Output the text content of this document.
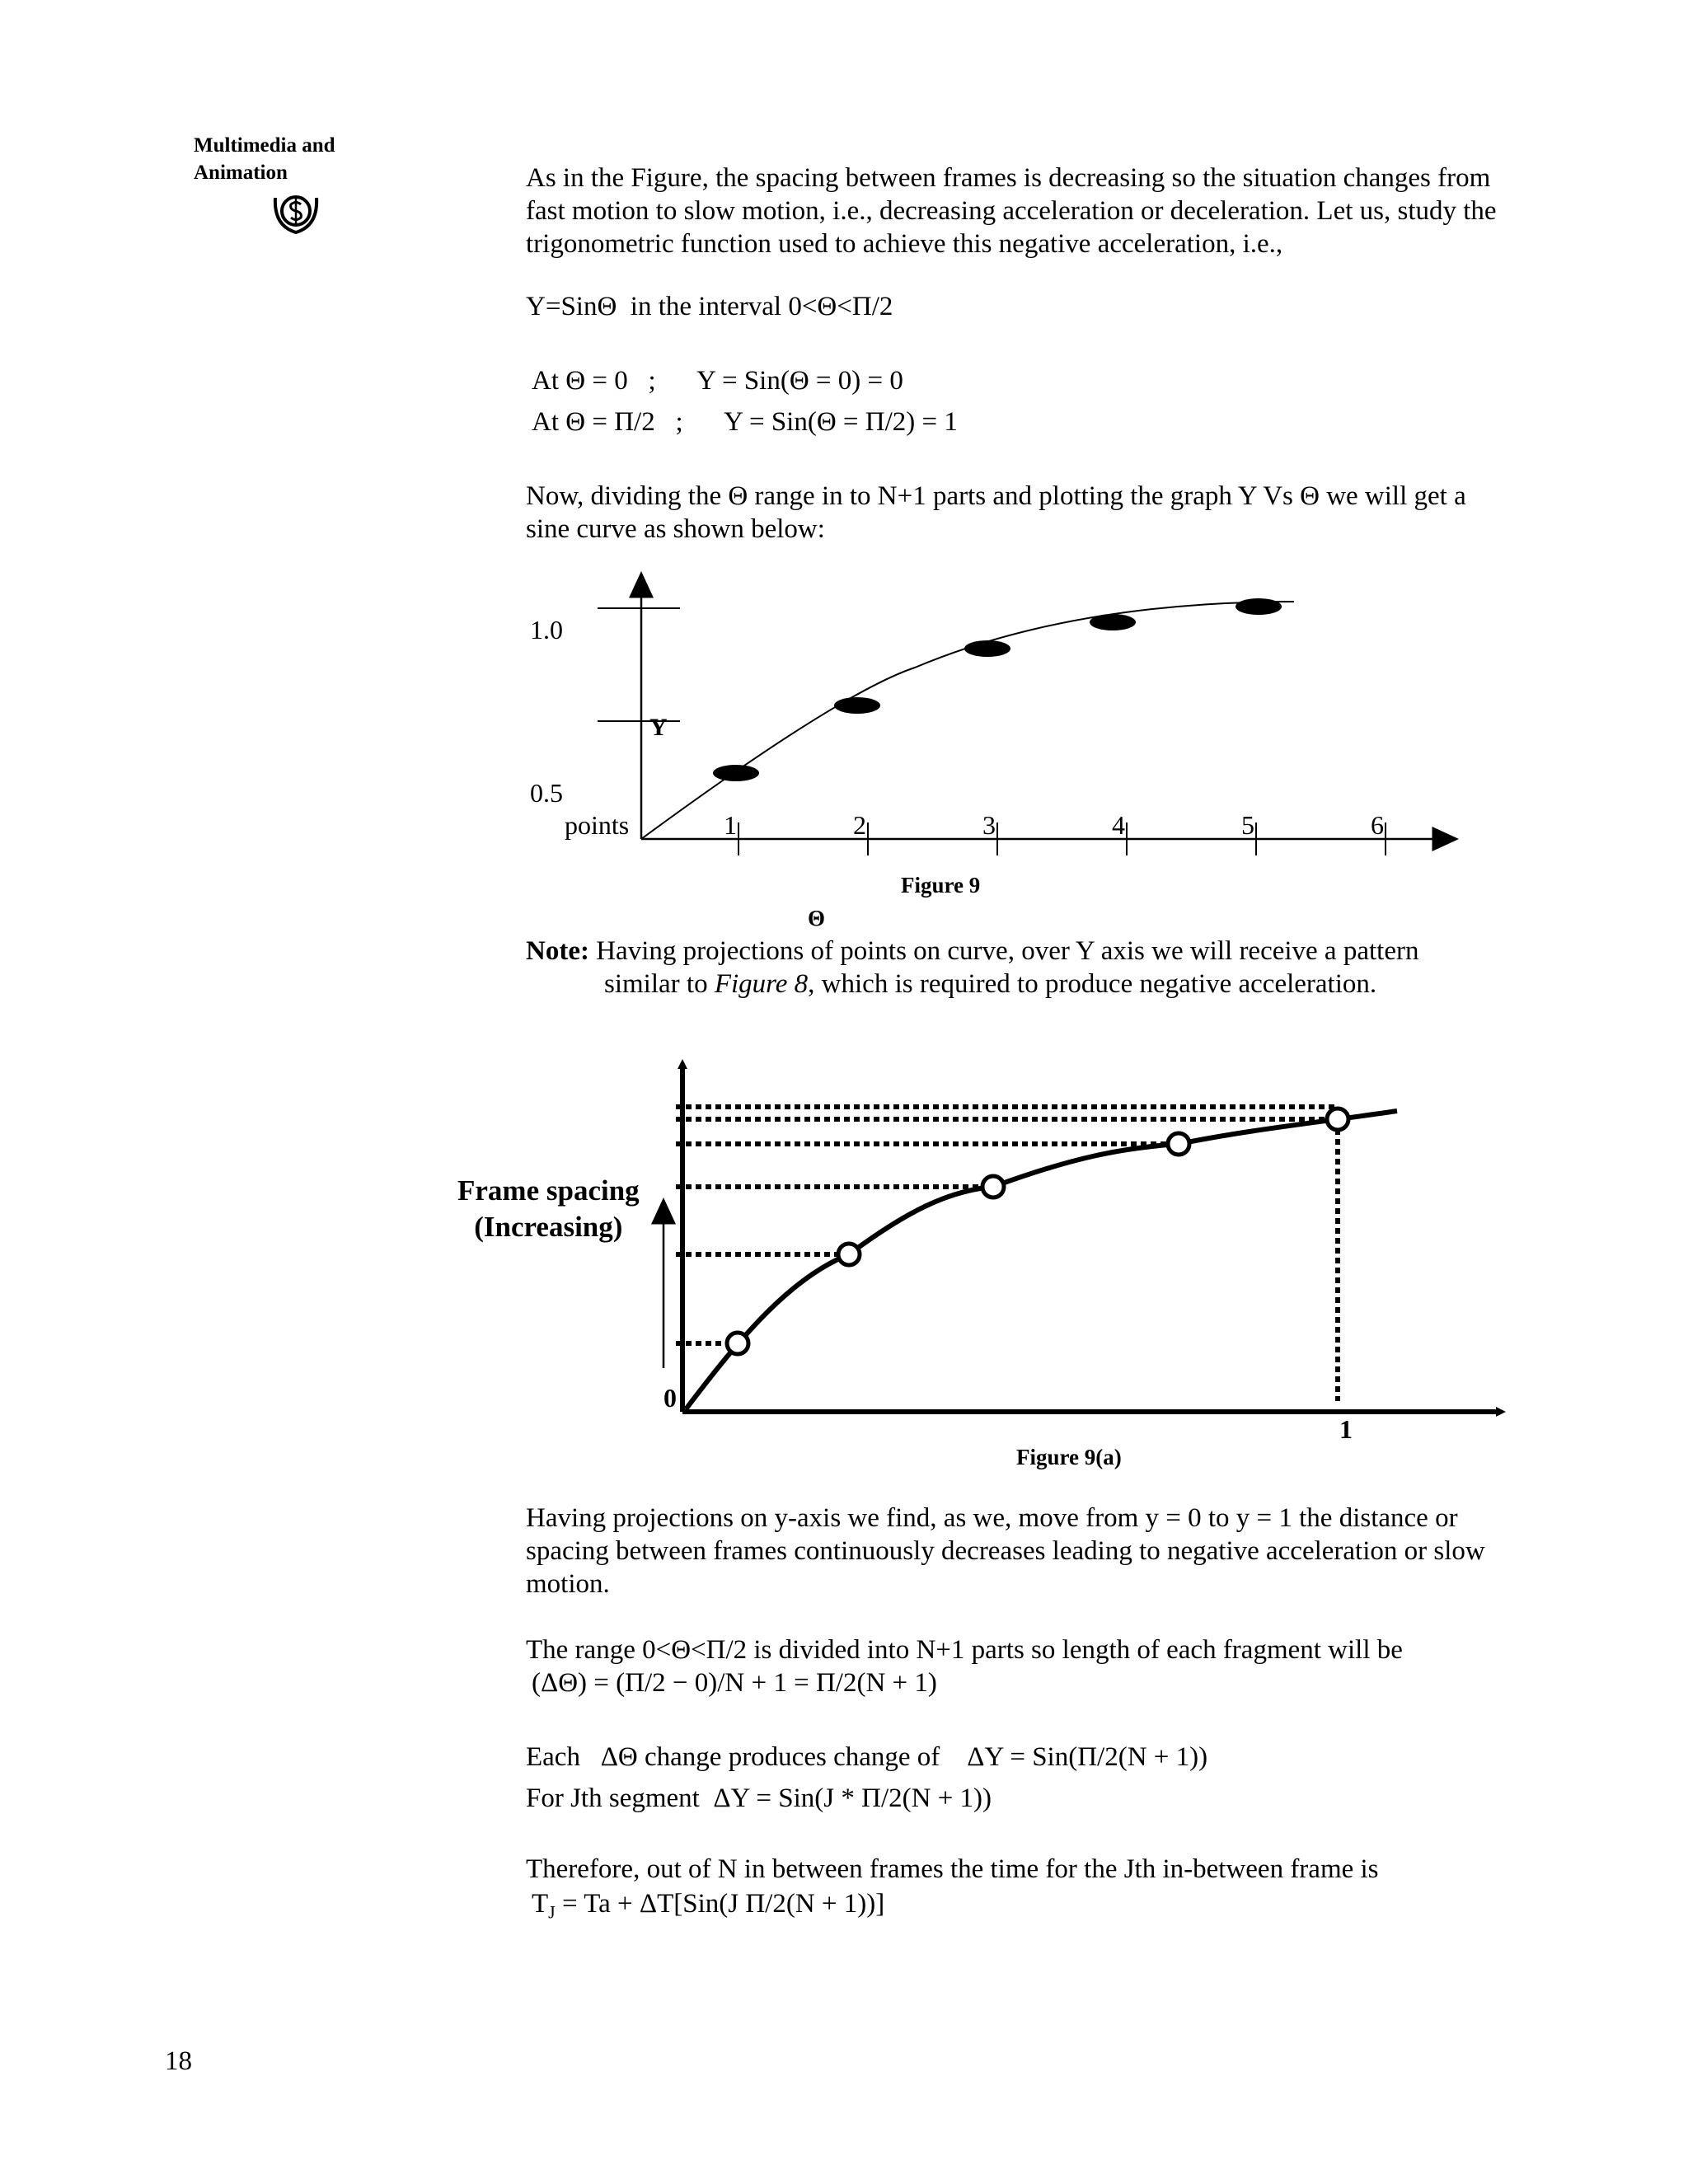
Multimedia and
Animation	As in the Figure, the spacing between frames is decreasing so the situation changes from fast motion to slow motion, i.e., decreasing acceleration or deceleration. Let us, study the trigonometric function used to achieve this negative acceleration, i.e.,
Y=SinΘ  in the interval 0<Θ<Π/2
At Θ = 0   ;      Y = Sin(Θ = 0) = 0
At Θ = Π/2   ;      Y = Sin(Θ = Π/2) = 1
Now, dividing the Θ range in to N+1 parts and plotting the graph Y Vs Θ we will get a sine curve as shown below:
1	2	3	4	5	6
1.0
0.5
Y
points
Figure 9
Θ
0
1
Figure 9(a)
Frame spacing
(Increasing)
Note: Having projections of points on curve, over Y axis we will receive a pattern
similar to Figure 8, which is required to produce negative acceleration.
Having projections on y-axis we find, as we, move from y = 0 to y = 1 the distance or spacing between frames continuously decreases leading to negative acceleration or slow motion.
The range 0<Θ<Π/2 is divided into N+1 parts so length of each fragment will be
(ΔΘ) = (Π/2 − 0)/N + 1 = Π/2(N + 1)
Each   ΔΘ change produces change of    ΔY = Sin(Π/2(N + 1))
For Jth segment  ΔY = Sin(J * Π/2(N + 1))
Therefore, out of N in between frames the time for the Jth in-between frame is
$T_J = Ta + \Delta T[Sin(J$ Π/2(N + 1))]
18
